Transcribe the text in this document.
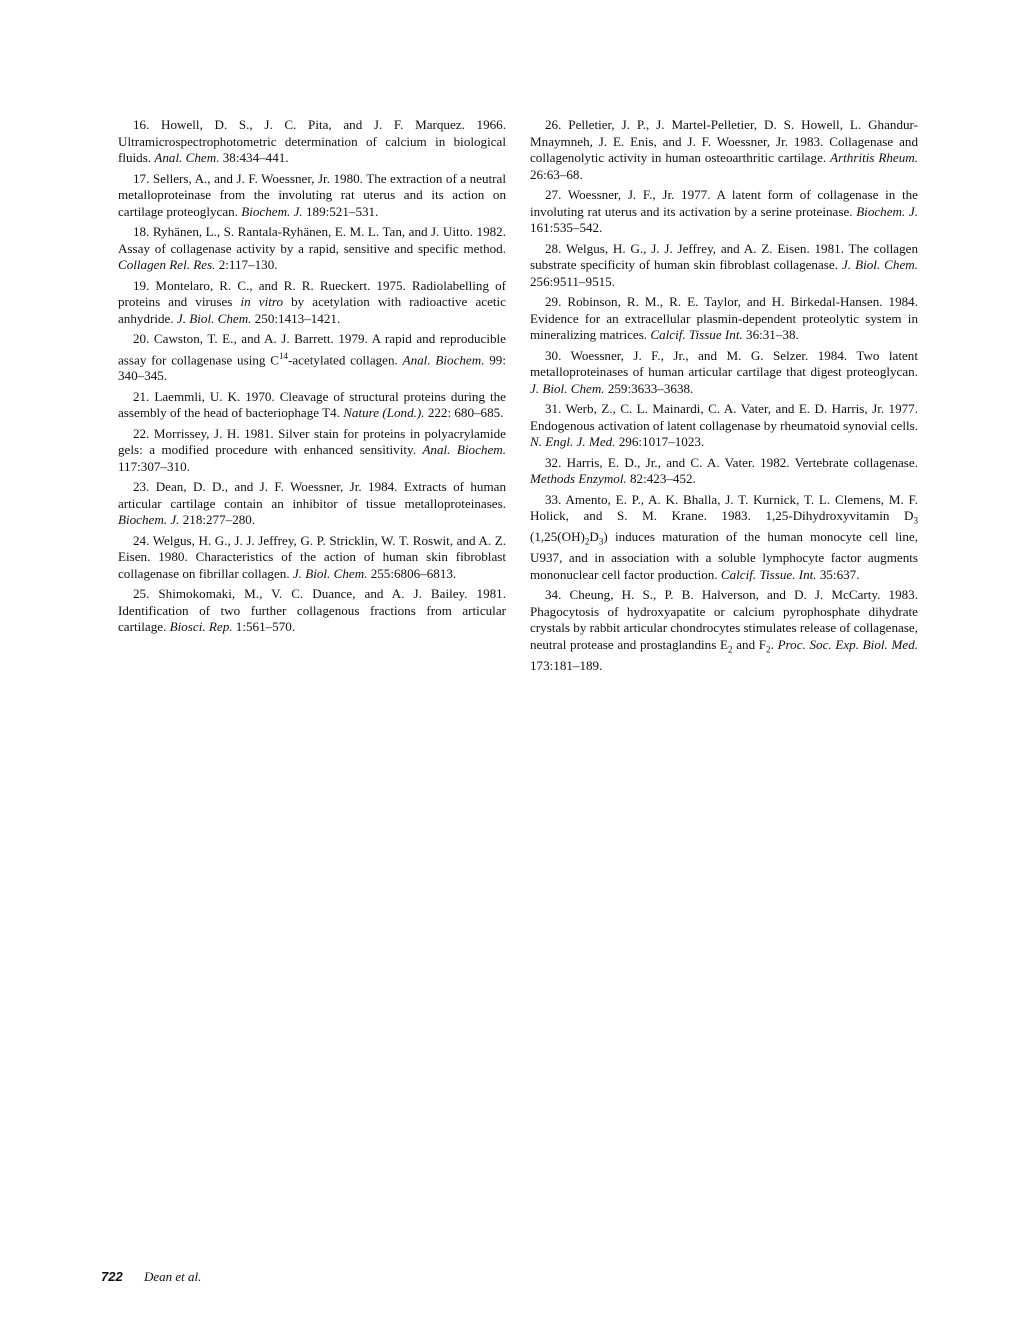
16. Howell, D. S., J. C. Pita, and J. F. Marquez. 1966. Ultramicrospectrophotometric determination of calcium in biological fluids. Anal. Chem. 38:434–441.

17. Sellers, A., and J. F. Woessner, Jr. 1980. The extraction of a neutral metalloproteinase from the involuting rat uterus and its action on cartilage proteoglycan. Biochem. J. 189:521–531.

18. Ryhänen, L., S. Rantala-Ryhänen, E. M. L. Tan, and J. Uitto. 1982. Assay of collagenase activity by a rapid, sensitive and specific method. Collagen Rel. Res. 2:117–130.

19. Montelaro, R. C., and R. R. Rueckert. 1975. Radiolabelling of proteins and viruses in vitro by acetylation with radioactive acetic anhydride. J. Biol. Chem. 250:1413–1421.

20. Cawston, T. E., and A. J. Barrett. 1979. A rapid and reproducible assay for collagenase using $C^{14}$-acetylated collagen. Anal. Biochem. 99: 340–345.

21. Laemmli, U. K. 1970. Cleavage of structural proteins during the assembly of the head of bacteriophage T4. Nature (Lond.). 222: 680–685.

22. Morrissey, J. H. 1981. Silver stain for proteins in polyacrylamide gels: a modified procedure with enhanced sensitivity. Anal. Biochem. 117:307–310.

23. Dean, D. D., and J. F. Woessner, Jr. 1984. Extracts of human articular cartilage contain an inhibitor of tissue metalloproteinases. Biochem. J. 218:277–280.

24. Welgus, H. G., J. J. Jeffrey, G. P. Stricklin, W. T. Roswit, and A. Z. Eisen. 1980. Characteristics of the action of human skin fibroblast collagenase on fibrillar collagen. J. Biol. Chem. 255:6806–6813.

25. Shimokomaki, M., V. C. Duance, and A. J. Bailey. 1981. Identification of two further collagenous fractions from articular cartilage. Biosci. Rep. 1:561–570.

26. Pelletier, J. P., J. Martel-Pelletier, D. S. Howell, L. Ghandur-Mnaymneh, J. E. Enis, and J. F. Woessner, Jr. 1983. Collagenase and collagenolytic activity in human osteoarthritic cartilage. Arthritis Rheum. 26:63–68.

27. Woessner, J. F., Jr. 1977. A latent form of collagenase in the involuting rat uterus and its activation by a serine proteinase. Biochem. J. 161:535–542.

28. Welgus, H. G., J. J. Jeffrey, and A. Z. Eisen. 1981. The collagen substrate specificity of human skin fibroblast collagenase. J. Biol. Chem. 256:9511–9515.

29. Robinson, R. M., R. E. Taylor, and H. Birkedal-Hansen. 1984. Evidence for an extracellular plasmin-dependent proteolytic system in mineralizing matrices. Calcif. Tissue Int. 36:31–38.

30. Woessner, J. F., Jr., and M. G. Selzer. 1984. Two latent metalloproteinases of human articular cartilage that digest proteoglycan. J. Biol. Chem. 259:3633–3638.

31. Werb, Z., C. L. Mainardi, C. A. Vater, and E. D. Harris, Jr. 1977. Endogenous activation of latent collagenase by rheumatoid synovial cells. N. Engl. J. Med. 296:1017–1023.

32. Harris, E. D., Jr., and C. A. Vater. 1982. Vertebrate collagenase. Methods Enzymol. 82:423–452.

33. Amento, E. P., A. K. Bhalla, J. T. Kurnick, T. L. Clemens, M. F. Holick, and S. M. Krane. 1983. 1,25-Dihydroxyvitamin $D_3$ $(1,25(OH)_2D_3)$ induces maturation of the human monocyte cell line, U937, and in association with a soluble lymphocyte factor augments mononuclear cell factor production. Calcif. Tissue. Int. 35:637.

34. Cheung, H. S., P. B. Halverson, and D. J. McCarty. 1983. Phagocytosis of hydroxyapatite or calcium pyrophosphate dihydrate crystals by rabbit articular chondrocytes stimulates release of collagenase, neutral protease and prostaglandins $E_2$ and $F_2$. Proc. Soc. Exp. Biol. Med. 173:181–189.

722 Dean et al.
